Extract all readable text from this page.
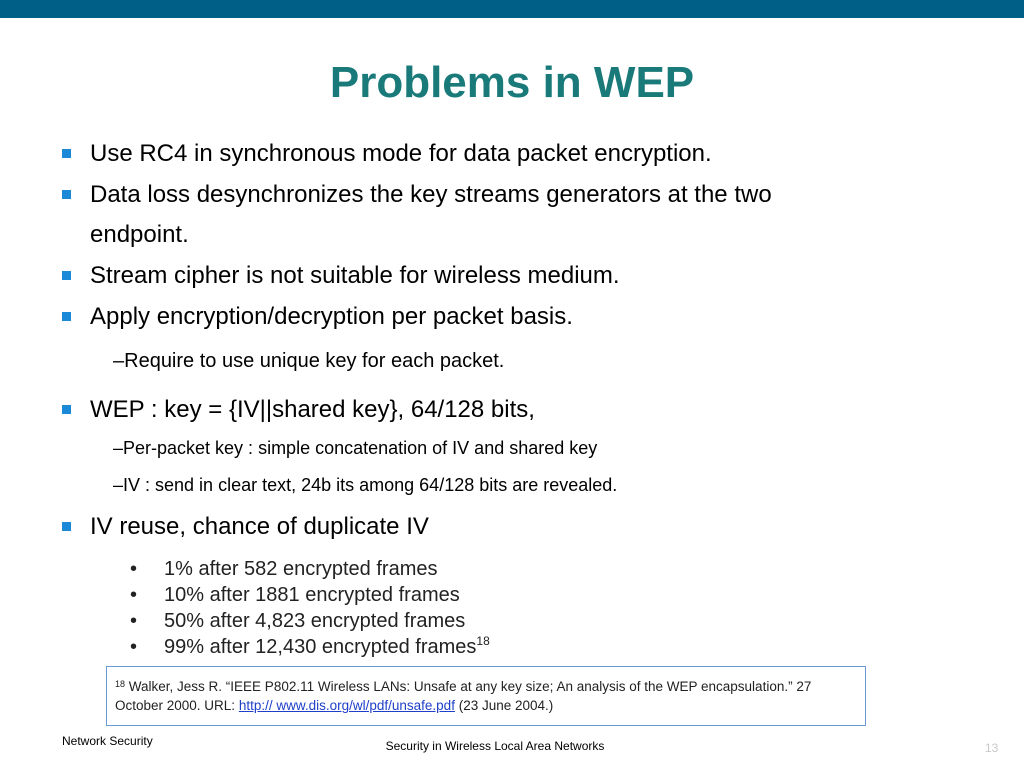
Problems in WEP
Use RC4 in synchronous mode for data packet encryption.
Data loss desynchronizes the key streams generators at the two
endpoint.
Stream cipher is not suitable for wireless medium.
Apply encryption/decryption per packet basis.
–Require to use unique key for each packet.
WEP : key = {IV||shared key}, 64/128 bits,
–Per-packet key : simple concatenation of IV and shared key
–IV : send in clear text, 24b its among 64/128 bits are revealed.
IV reuse, chance of duplicate IV
•	1% after 582 encrypted frames
•	10% after 1881 encrypted frames
•	50% after 4,823 encrypted frames
•	99% after 12,430 encrypted frames$^{18}$
$^{18}$ Walker, Jess R. “IEEE P802.11 Wireless LANs: Unsafe at any key size; An analysis of the WEP encapsulation.” 27
October 2000. URL: http:// www.dis.org/wl/pdf/unsafe.pdf (23 June 2004.)
Network Security	Security in Wireless Local Area Networks	13
